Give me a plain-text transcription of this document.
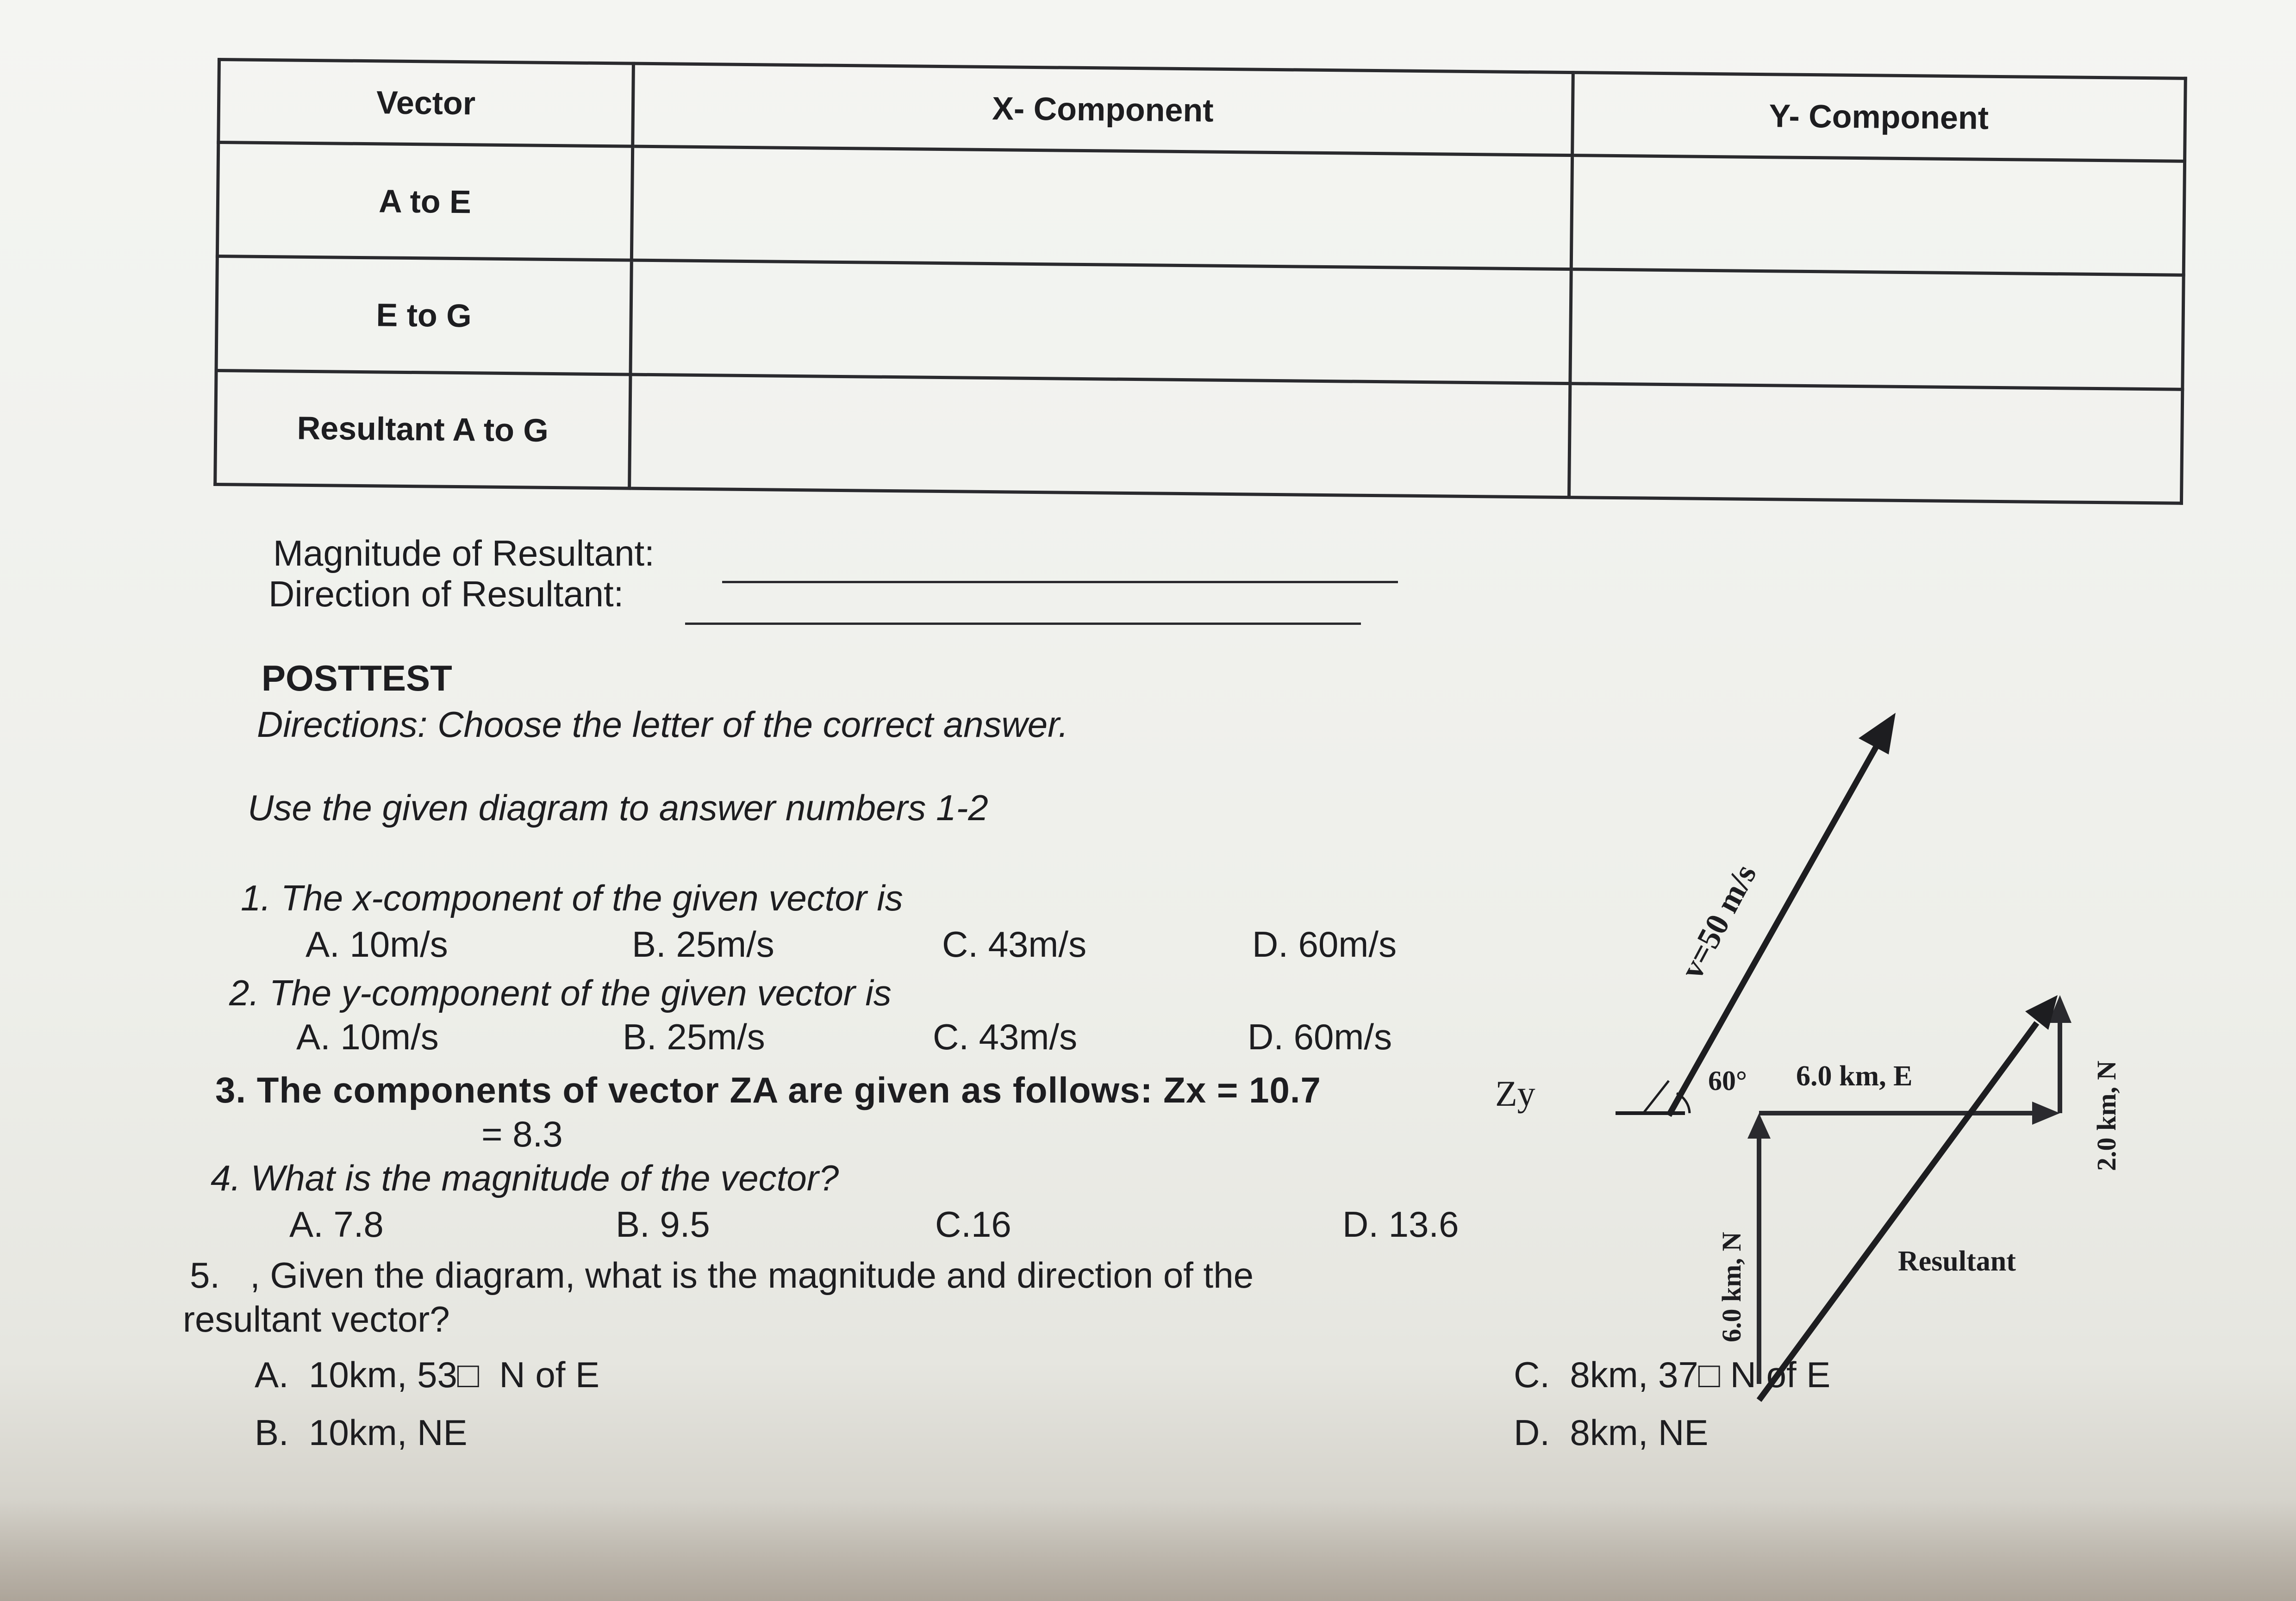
Vector	X- Component	Y- Component
A to E		
E to G		
Resultant A to G		
Magnitude of Resultant:
Direction of Resultant:
POSTTEST
Directions: Choose the letter of the correct answer.
Use the given diagram to answer numbers 1-2
1. The x-component of the given vector is
A. 10m/s	B. 25m/s	C. 43m/s	D. 60m/s
2. The y-component of the given vector is
A. 10m/s	B. 25m/s	C. 43m/s	D. 60m/s
3. The components of vector ZA are given as follows: Zx = 10.7	Zy
= 8.3
4. What is the magnitude of the vector?
A. 7.8	B. 9.5	C.16	D. 13.6
5.   , Given the diagram, what is the magnitude and direction of the
resultant vector?
A.  10km, 53□  N of E
B.  10km, NE
C.  8km, 37□ N of E
D.  8km, NE
60°
v=50 m/s
6.0 km, E
6.0 km, N
2.0 km, N
Resultant
